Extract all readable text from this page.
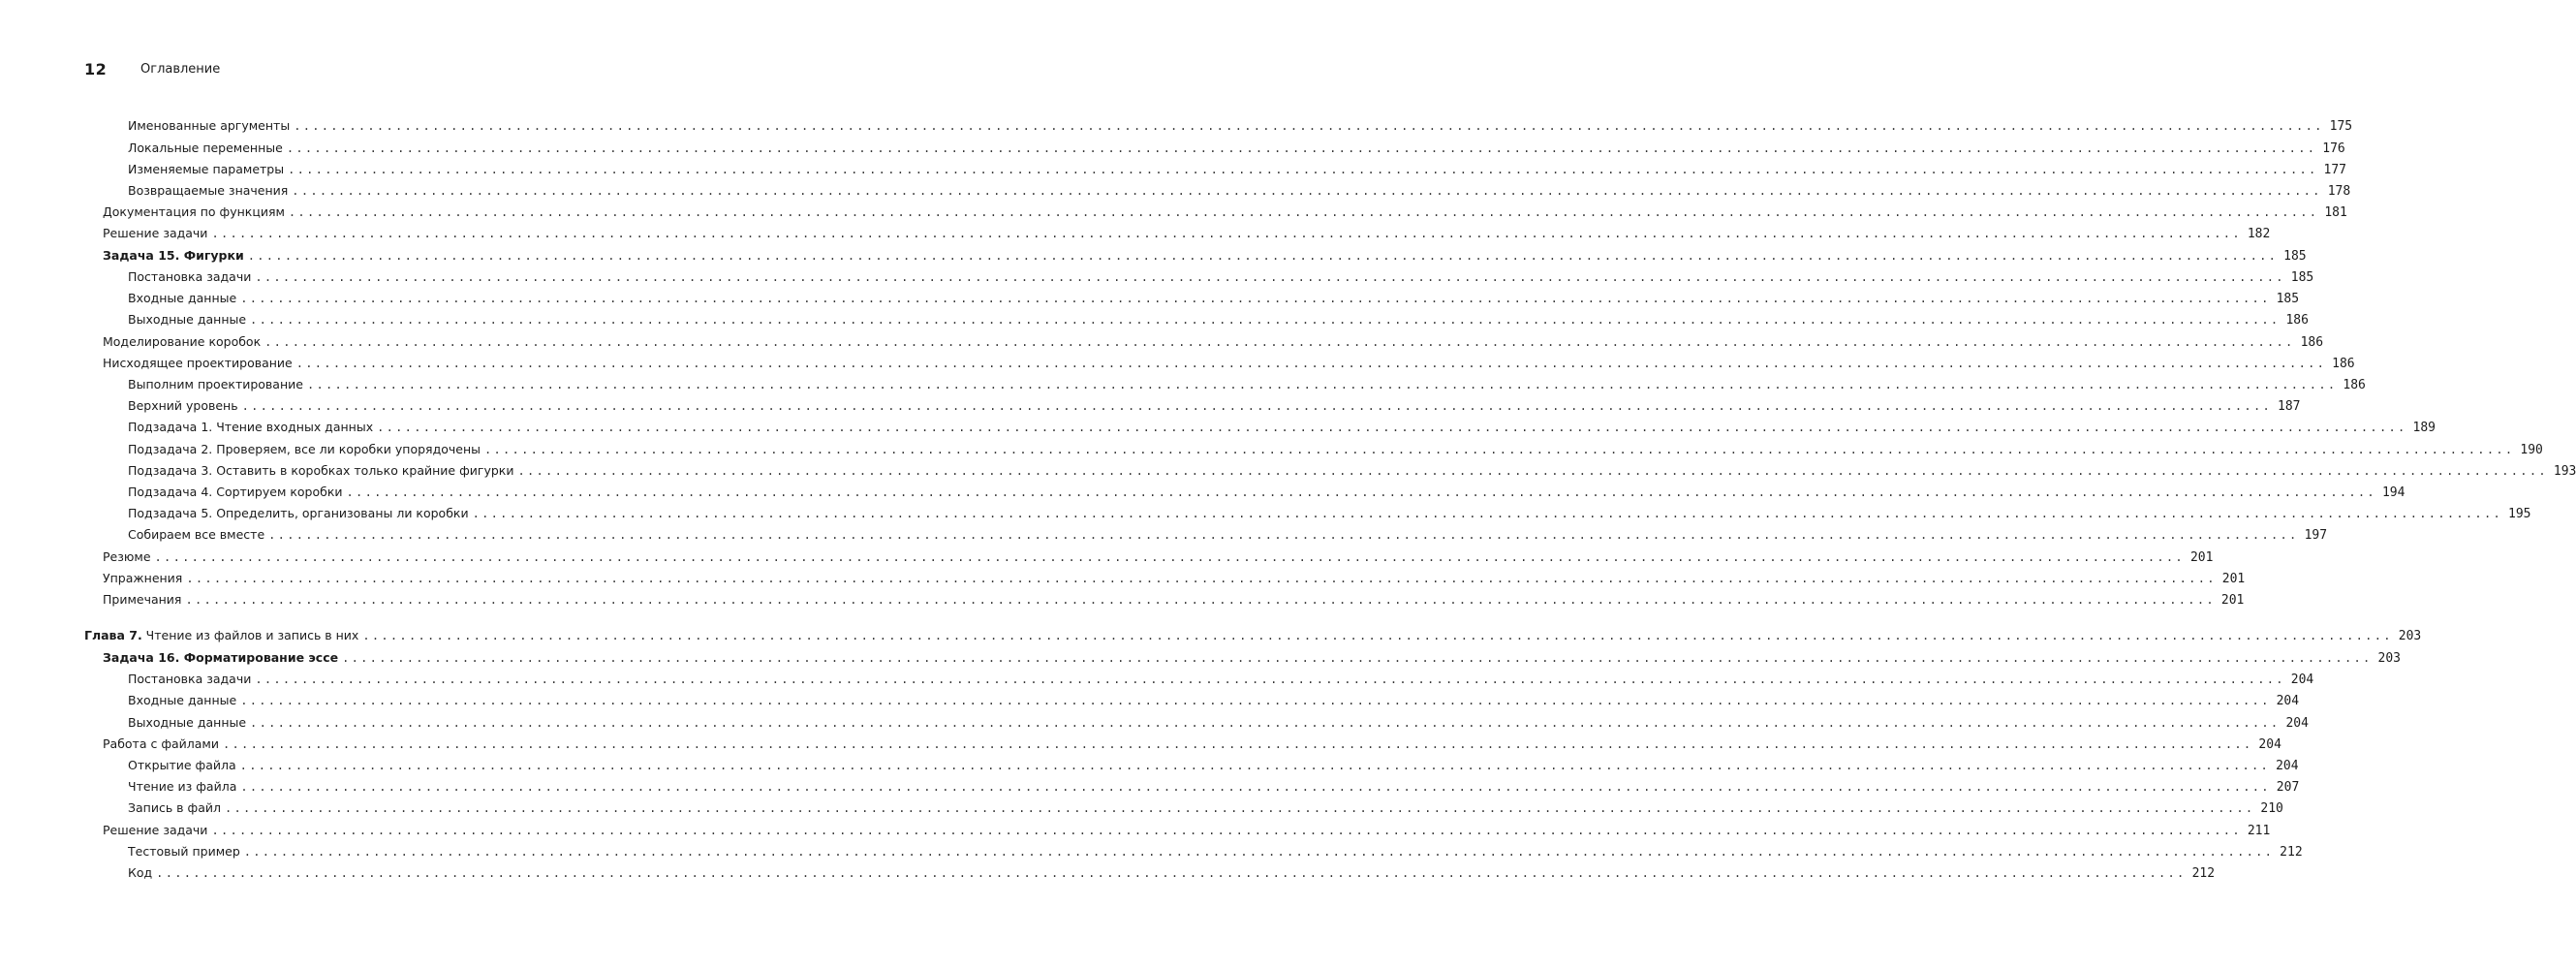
12	Оглавление
Именованные аргументы ............................................................................................................................................................................................................................ 175
Локальные переменные ............................................................................................................................................................................................................................ 176
Изменяемые параметры ............................................................................................................................................................................................................................ 177
Возвращаемые значения ............................................................................................................................................................................................................................ 178
Документация по функциям ............................................................................................................................................................................................................................ 181
Решение задачи ............................................................................................................................................................................................................................ 182
Задача 15. Фигурки ............................................................................................................................................................................................................................ 185
Постановка задачи ............................................................................................................................................................................................................................ 185
Входные данные ............................................................................................................................................................................................................................ 185
Выходные данные ............................................................................................................................................................................................................................ 186
Моделирование коробок ............................................................................................................................................................................................................................ 186
Нисходящее проектирование ............................................................................................................................................................................................................................ 186
Выполним проектирование ............................................................................................................................................................................................................................ 186
Верхний уровень ............................................................................................................................................................................................................................ 187
Подзадача 1. Чтение входных данных ............................................................................................................................................................................................................................ 189
Подзадача 2. Проверяем, все ли коробки упорядочены ............................................................................................................................................................................................................................ 190
Подзадача 3. Оставить в коробках только крайние фигурки ............................................................................................................................................................................................................................ 193
Подзадача 4. Сортируем коробки ............................................................................................................................................................................................................................ 194
Подзадача 5. Определить, организованы ли коробки ............................................................................................................................................................................................................................ 195
Собираем все вместе ............................................................................................................................................................................................................................ 197
Резюме ............................................................................................................................................................................................................................ 201
Упражнения ............................................................................................................................................................................................................................ 201
Примечания ............................................................................................................................................................................................................................ 201
Глава 7. Чтение из файлов и запись в них ............................................................................................................................................................................................................................ 203
Задача 16. Форматирование эссе ............................................................................................................................................................................................................................ 203
Постановка задачи ............................................................................................................................................................................................................................ 204
Входные данные ............................................................................................................................................................................................................................ 204
Выходные данные ............................................................................................................................................................................................................................ 204
Работа с файлами ............................................................................................................................................................................................................................ 204
Открытие файла ............................................................................................................................................................................................................................ 204
Чтение из файла ............................................................................................................................................................................................................................ 207
Запись в файл ............................................................................................................................................................................................................................ 210
Решение задачи ............................................................................................................................................................................................................................ 211
Тестовый пример ............................................................................................................................................................................................................................ 212
Код ............................................................................................................................................................................................................................ 212
